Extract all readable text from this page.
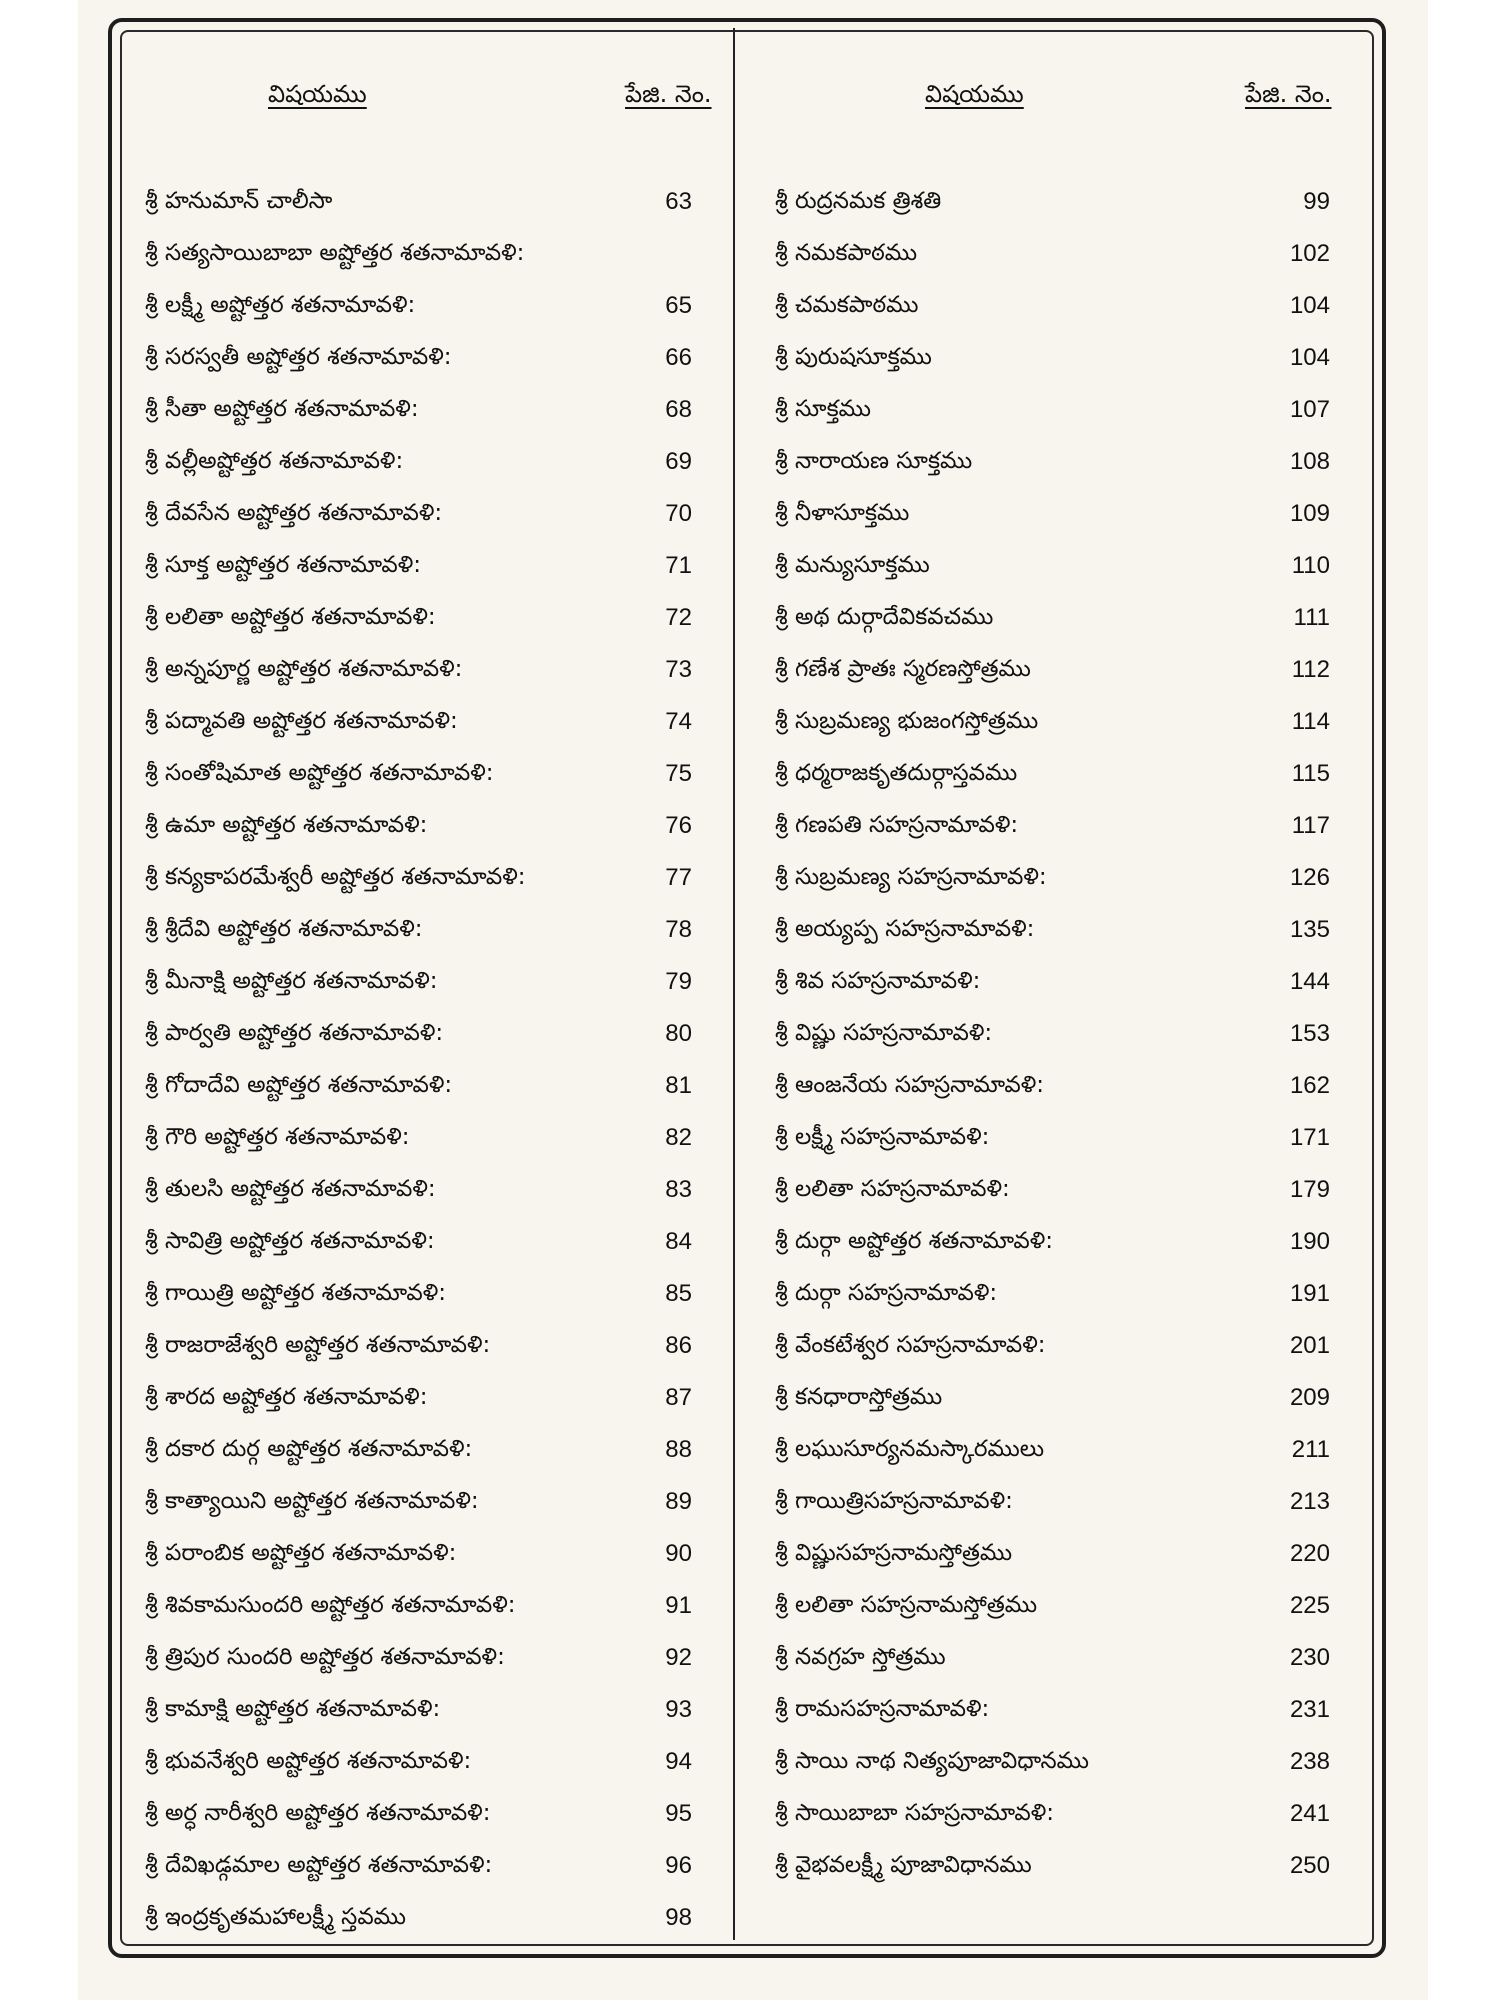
విషయము	పేజి. నెం.
శ్రీ హనుమాన్ చాలీసా	63
శ్రీ సత్యసాయిబాబా అష్టోత్తర శతనామావళి:
శ్రీ లక్ష్మీ అష్టోత్తర శతనామావళి:	65
శ్రీ సరస్వతీ అష్టోత్తర శతనామావళి:	66
శ్రీ సీతా అష్టోత్తర శతనామావళి:	68
శ్రీ వల్లీఅష్టోత్తర శతనామావళి:	69
శ్రీ దేవసేన అష్టోత్తర శతనామావళి:	70
శ్రీ సూక్త అష్టోత్తర శతనామావళి:	71
శ్రీ లలితా అష్టోత్తర శతనామావళి:	72
శ్రీ అన్నపూర్ణ అష్టోత్తర శతనామావళి:	73
శ్రీ పద్మావతి అష్టోత్తర శతనామావళి:	74
శ్రీ సంతోషిమాత అష్టోత్తర శతనామావళి:	75
శ్రీ ఉమా అష్టోత్తర శతనామావళి:	76
శ్రీ కన్యకాపరమేశ్వరీ అష్టోత్తర శతనామావళి:	77
శ్రీ శ్రీదేవి అష్టోత్తర శతనామావళి:	78
శ్రీ మీనాక్షి అష్టోత్తర శతనామావళి:	79
శ్రీ పార్వతి అష్టోత్తర శతనామావళి:	80
శ్రీ గోదాదేవి అష్టోత్తర శతనామావళి:	81
శ్రీ గౌరి అష్టోత్తర శతనామావళి:	82
శ్రీ తులసి అష్టోత్తర శతనామావళి:	83
శ్రీ సావిత్రి అష్టోత్తర శతనామావళి:	84
శ్రీ గాయిత్రి అష్టోత్తర శతనామావళి:	85
శ్రీ రాజరాజేశ్వరి అష్టోత్తర శతనామావళి:	86
శ్రీ శారద అష్టోత్తర శతనామావళి:	87
శ్రీ దకార దుర్గ అష్టోత్తర శతనామావళి:	88
శ్రీ కాత్యాయిని అష్టోత్తర శతనామావళి:	89
శ్రీ పరాంబిక అష్టోత్తర శతనామావళి:	90
శ్రీ శివకామసుందరి అష్టోత్తర శతనామావళి:	91
శ్రీ త్రిపుర సుందరి అష్టోత్తర శతనామావళి:	92
శ్రీ కామాక్షి అష్టోత్తర శతనామావళి:	93
శ్రీ భువనేశ్వరి అష్టోత్తర శతనామావళి:	94
శ్రీ అర్ధ నారీశ్వరి అష్టోత్తర శతనామావళి:	95
శ్రీ దేవిఖడ్గమాల అష్టోత్తర శతనామావళి:	96
శ్రీ ఇంద్రకృతమహాలక్ష్మీ స్తవము	98
విషయము	పేజి. నెం.
శ్రీ రుద్రనమక త్రిశతి	99
శ్రీ నమకపాఠము	102
శ్రీ చమకపాఠము	104
శ్రీ పురుషసూక్తము	104
శ్రీ సూక్తము	107
శ్రీ నారాయణ సూక్తము	108
శ్రీ నీళాసూక్తము	109
శ్రీ మన్యుసూక్తము	110
శ్రీ అథ దుర్గాదేవికవచము	111
శ్రీ గణేశ ప్రాతః స్మరణస్తోత్రము	112
శ్రీ సుబ్రమణ్య భుజంగస్తోత్రము	114
శ్రీ ధర్మరాజకృతదుర్గాస్తవము	115
శ్రీ గణపతి సహస్రనామావళి:	117
శ్రీ సుబ్రమణ్య సహస్రనామావళి:	126
శ్రీ అయ్యప్ప సహస్రనామావళి:	135
శ్రీ శివ సహస్రనామావళి:	144
శ్రీ విష్ణు సహస్రనామావళి:	153
శ్రీ ఆంజనేయ సహస్రనామావళి:	162
శ్రీ లక్ష్మీ సహస్రనామావళి:	171
శ్రీ లలితా సహస్రనామావళి:	179
శ్రీ దుర్గా అష్టోత్తర శతనామావళి:	190
శ్రీ దుర్గా సహస్రనామావళి:	191
శ్రీ వేంకటేశ్వర సహస్రనామావళి:	201
శ్రీ కనధారాస్తోత్రము	209
శ్రీ లఘుసూర్యనమస్కారములు	211
శ్రీ గాయిత్రిసహస్రనామావళి:	213
శ్రీ విష్ణుసహస్రనామస్తోత్రము	220
శ్రీ లలితా సహస్రనామస్తోత్రము	225
శ్రీ నవగ్రహ స్తోత్రము	230
శ్రీ రామసహస్రనామావళి:	231
శ్రీ సాయి నాథ నిత్యపూజావిధానము	238
శ్రీ సాయిబాబా సహస్రనామావళి:	241
శ్రీ వైభవలక్ష్మీ పూజావిధానము	250
